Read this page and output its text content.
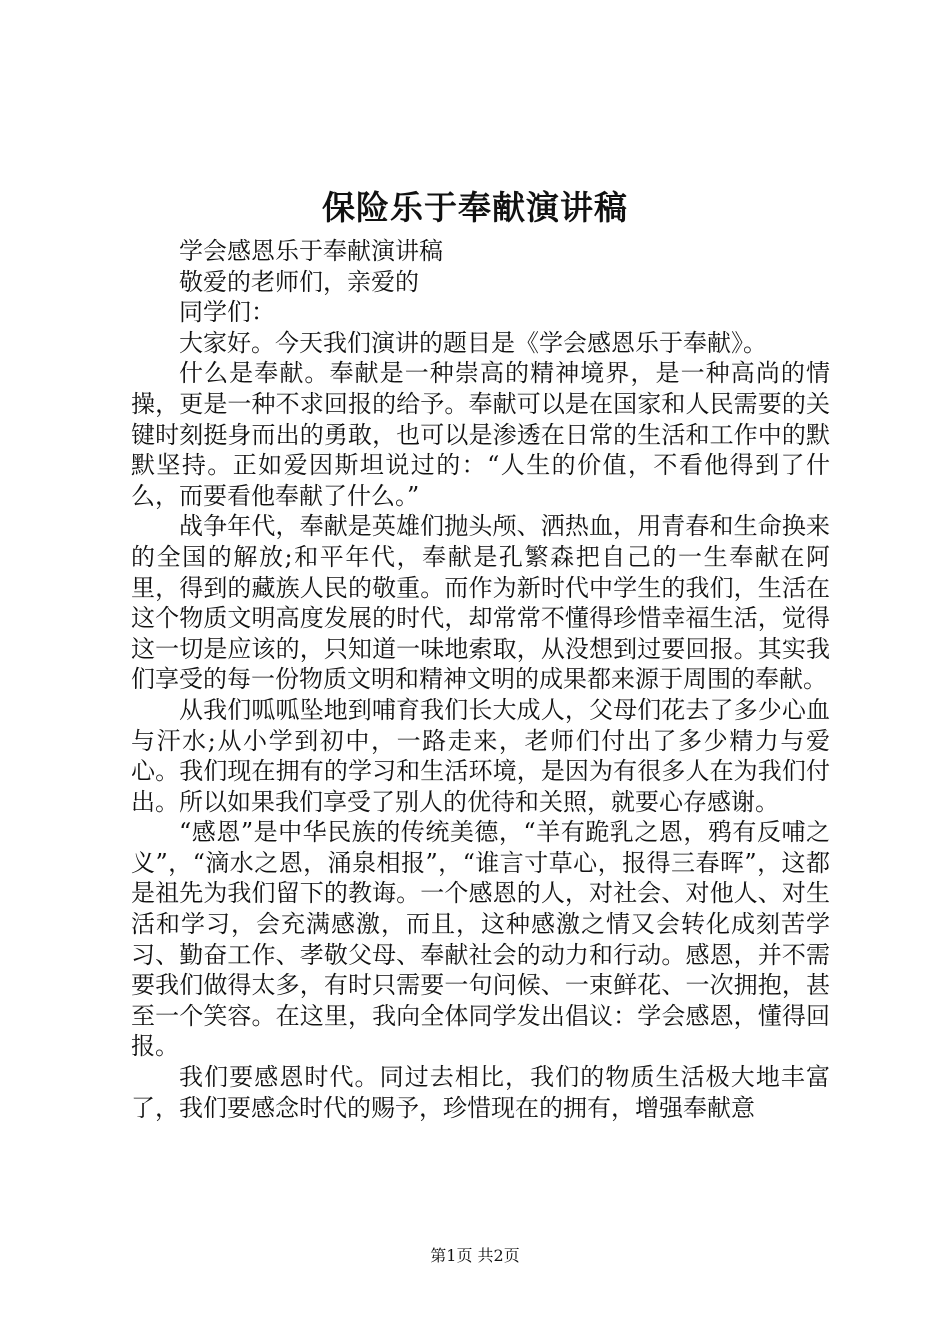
保险乐于奉献演讲稿

学会感恩乐于奉献演讲稿

敬爱的老师们，亲爱的

同学们：

大家好。今天我们演讲的题目是《学会感恩乐于奉献》。

什么是奉献。奉献是一种崇高的精神境界，是一种高尚的情操，更是一种不求回报的给予。奉献可以是在国家和人民需要的关键时刻挺身而出的勇敢，也可以是渗透在日常的生活和工作中的默默坚持。正如爱因斯坦说过的：“人生的价值，不看他得到了什么，而要看他奉献了什么。”

战争年代，奉献是英雄们抛头颅、洒热血，用青春和生命换来的全国的解放;和平年代，奉献是孔繁森把自己的一生奉献在阿里，得到的藏族人民的敬重。而作为新时代中学生的我们，生活在这个物质文明高度发展的时代，却常常不懂得珍惜幸福生活，觉得这一切是应该的，只知道一味地索取，从没想到过要回报。其实我们享受的每一份物质文明和精神文明的成果都来源于周围的奉献。

从我们呱呱坠地到哺育我们长大成人，父母们花去了多少心血与汗水;从小学到初中，一路走来，老师们付出了多少精力与爱心。我们现在拥有的学习和生活环境，是因为有很多人在为我们付出。所以如果我们享受了别人的优待和关照，就要心存感谢。

“感恩”是中华民族的传统美德，“羊有跪乳之恩，鸦有反哺之义”，“滴水之恩，涌泉相报”，“谁言寸草心，报得三春晖”，这都是祖先为我们留下的教诲。一个感恩的人，对社会、对他人、对生活和学习，会充满感激，而且，这种感激之情又会转化成刻苦学习、勤奋工作、孝敬父母、奉献社会的动力和行动。感恩，并不需要我们做得太多，有时只需要一句问候、一束鲜花、一次拥抱，甚至一个笑容。在这里，我向全体同学发出倡议：学会感恩，懂得回报。

我们要感恩时代。同过去相比，我们的物质生活极大地丰富了，我们要感念时代的赐予，珍惜现在的拥有，增强奉献意

第1页 共2页
